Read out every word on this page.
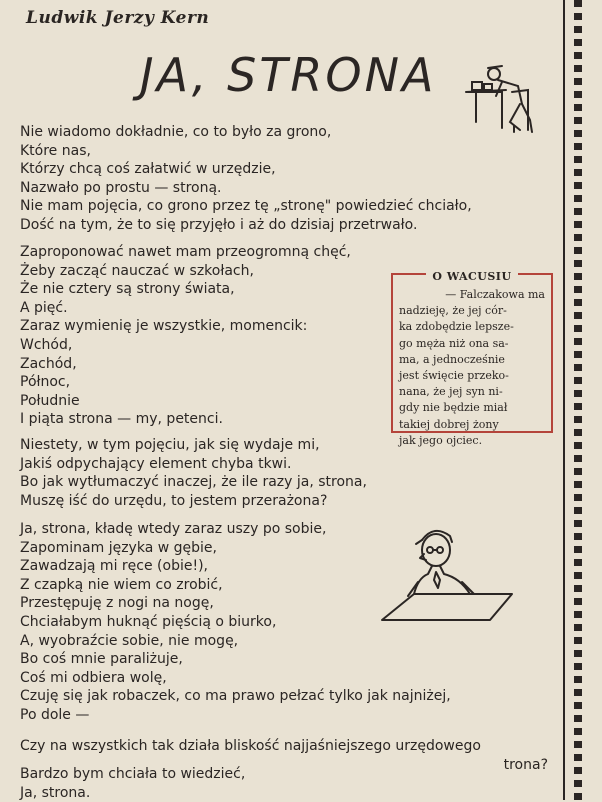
Ludwik Jerzy Kern
JA, STRONA
Nie wiadomo dokładnie, co to było za grono,
Które nas,
Którzy chcą coś załatwić w urzędzie,
Nazwało po prostu — stroną.
Nie mam pojęcia, co grono przez tę „stronę" powiedzieć chciało,
Dość na tym, że to się przyjęło i aż do dzisiaj przetrwało.
Zaproponować nawet mam przeogromną chęć,
Żeby zacząć nauczać w szkołach,
Że nie cztery są strony świata,
A pięć.
Zaraz wymienię je wszystkie, momencik:
Wchód,
Zachód,
Północ,
Południe
I piąta strona — my, petenci.
O WACUSIU
— Falczakowa ma
nadzieję, że jej cór-
ka zdobędzie lepsze-
go męża niż ona sa-
ma, a jednocześnie
jest święcie przeko-
nana, że jej syn ni-
gdy nie będzie miał
takiej dobrej żony
jak jego ojciec.
Niestety, w tym pojęciu, jak się wydaje mi,
Jakiś odpychający element chyba tkwi.
Bo jak wytłumaczyć inaczej, że ile razy ja, strona,
Muszę iść do urzędu, to jestem przerażona?
Ja, strona, kładę wtedy zaraz uszy po sobie,
Zapominam języka w gębie,
Zawadzają mi ręce (obie!),
Z czapką nie wiem co zrobić,
Przestępuję z nogi na nogę,
Chciałabym huknąć pięścią o biurko,
A, wyobraźcie sobie, nie mogę,
Bo coś mnie paraliżuje,
Coś mi odbiera wolę,
Czuję się jak robaczek, co ma prawo pełzać tylko jak najniżej,
Po dole —
Czy na wszystkich tak działa bliskość najjaśniejszego urzędowego
trona?
Bardzo bym chciała to wiedzieć,
Ja, strona.
